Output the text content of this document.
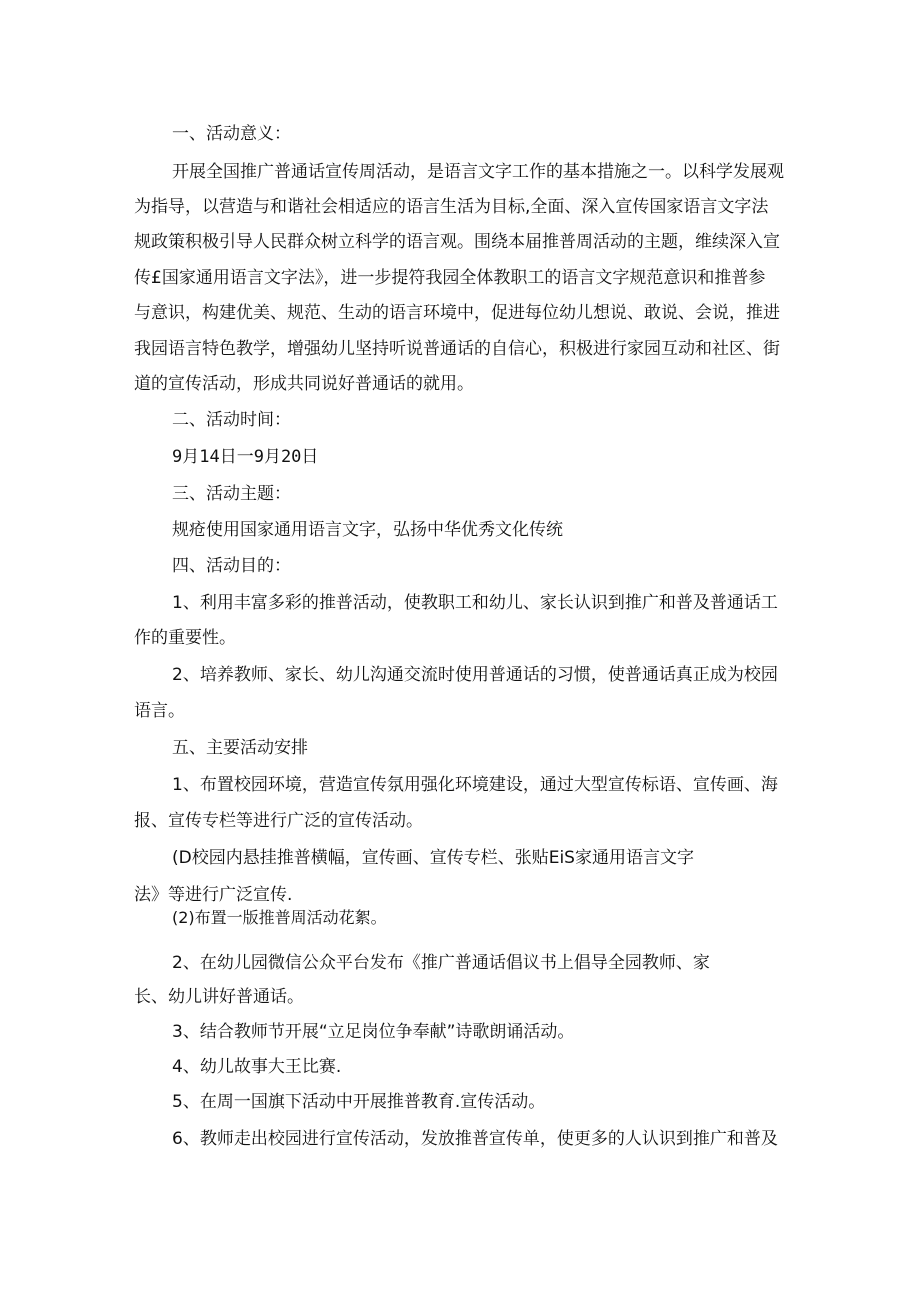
一、活动意义：

开展全国推广普通话宣传周活动，是语言文字工作的基本措施之一。以科学发展观

为指导，以营造与和谐社会相适应的语言生活为目标,全面、深入宣传国家语言文字法

规政策积极引导人民群众树立科学的语言观。围绕本届推普周活动的主题，维续深入宣

传£国家通用语言文字法》，进一步提符我园全体教职工的语言文字规范意识和推普参

与意识，构建优美、规范、生动的语言环境中，促进每位幼儿想说、敢说、会说，推进

我园语言特色教学，增强幼儿坚持听说普通话的自信心，积极进行家园互动和社区、街

道的宣传活动，形成共同说好普通话的就用。

二、活动时间：

9月14日一9月20日

三、活动主题：

规疮使用国家通用语言文字，弘扬中华优秀文化传统

四、活动目的：

1、利用丰富多彩的推普活动，使教职工和幼儿、家长认识到推广和普及普通话工

作的重要性。

2、培养教师、家长、幼儿沟通交流时使用普通话的习惯，使普通话真正成为校园

语言。

五、主要活动安排

1、布置校园环境，营造宣传氛用强化环境建设，通过大型宣传标语、宣传画、海

报、宣传专栏等进行广泛的宣传活动。

(D校园内悬挂推普横幅，宣传画、宣传专栏、张贴EiS家通用语言文字

法》等进行广泛宣传.

(2)布置一版推普周活动花絮。

2、在幼儿园微信公众平台发布《推广普通话倡议书上倡导全园教师、家

长、幼儿讲好普通话。

3、结合教师节开展“立足岗位争奉献”诗歌朗诵活动。

4、幼儿故事大王比赛.

5、在周一国旗下活动中开展推普教育.宣传活动。

6、教师走出校园进行宣传活动，发放推普宣传单，使更多的人认识到推广和普及
